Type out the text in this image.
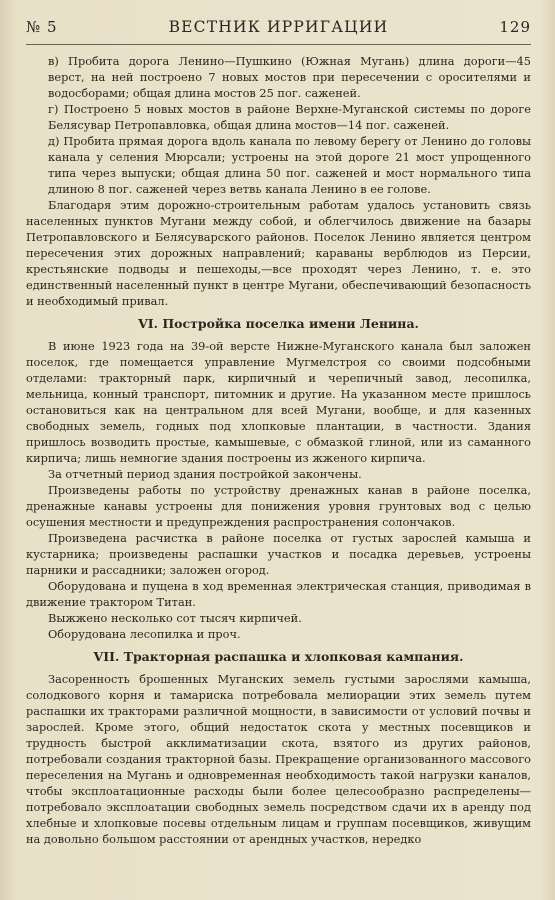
№ 5	ВЕСТНИК ИРРИГАЦИИ	129

в) Пробита дорога Ленино—Пушкино (Южная Мугань) длина дороги—45 верст, на ней построено 7 новых мостов при пересечении с оросителями и водосборами; общая длина мостов 25 пог. саженей.

г) Построено 5 новых мостов в районе Верхне-Муганской системы по дороге Белясувар Петропавловка, общая длина мостов—14 пог. саженей.

д) Пробита прямая дорога вдоль канала по левому берегу от Ленино до головы канала у селения Мюрсали; устроены на этой дороге 21 мост упрощенного типа через выпуски; общая длина 50 пог. саженей и мост нормального типа длиною 8 пог. саженей через ветвь канала Ленино в ее голове.

Благодаря этим дорожно-строительным работам удалось установить связь населенных пунктов Мугани между собой, и облегчилось движение на базары Петропавловского и Белясуварского районов. Поселок Ленино является центром пересечения этих дорожных направлений; караваны верблюдов из Персии, крестьянские подводы и пешеходы,—все проходят через Ленино, т. е. это единственный населенный пункт в центре Мугани, обеспечивающий безопасность и необходимый привал.

VI. Постройка поселка имени Ленина.

В июне 1923 года на 39-ой версте Нижне-Муганского канала был заложен поселок, где помещается управление Мугмелстроя со своими подсобными отделами: тракторный парк, кирпичный и черепичный завод, лесопилка, мельница, конный транспорт, питомник и другие. На указанном месте пришлось остановиться как на центральном для всей Мугани, вообще, и для казенных свободных земель, годных под хлопковые плантации, в частности. Здания пришлось возводить простые, камышевые, с обмазкой глиной, или из саманного кирпича; лишь немногие здания построены из жженого кирпича.

За отчетный период здания постройкой закончены.

Произведены работы по устройству дренажных канав в районе поселка, дренажные канавы устроены для понижения уровня грунтовых вод с целью осушения местности и предупреждения распространения солончаков.

Произведена расчистка в районе поселка от густых зарослей камыша и кустарника; произведены распашки участков и посадка деревьев, устроены парники и рассадники; заложен огород.

Оборудована и пущена в ход временная электрическая станция, приводимая в движение трактором Титан.

Выжжено несколько сот тысяч кирпичей.

Оборудована лесопилка и проч.

VII. Тракторная распашка и хлопковая кампания.

Засоренность брошенных Муганских земель густыми зарослями камыша, солодкового корня и тамариска потребовала мелиорации этих земель путем распашки их тракторами различной мощности, в зависимости от условий почвы и зарослей. Кроме этого, общий недостаток скота у местных посевщиков и трудность быстрой акклиматизации скота, взятого из других районов, потребовали создания тракторной базы. Прекращение организованного массового переселения на Мугань и одновременная необходимость такой нагрузки каналов, чтобы эксплоатационные расходы были более целесообразно распределены—потребовало эксплоатации свободных земель посредством сдачи их в аренду под хлебные и хлопковые посевы отдельным лицам и группам посевщиков, живущим на довольно большом расстоянии от арендных участков, нередко
